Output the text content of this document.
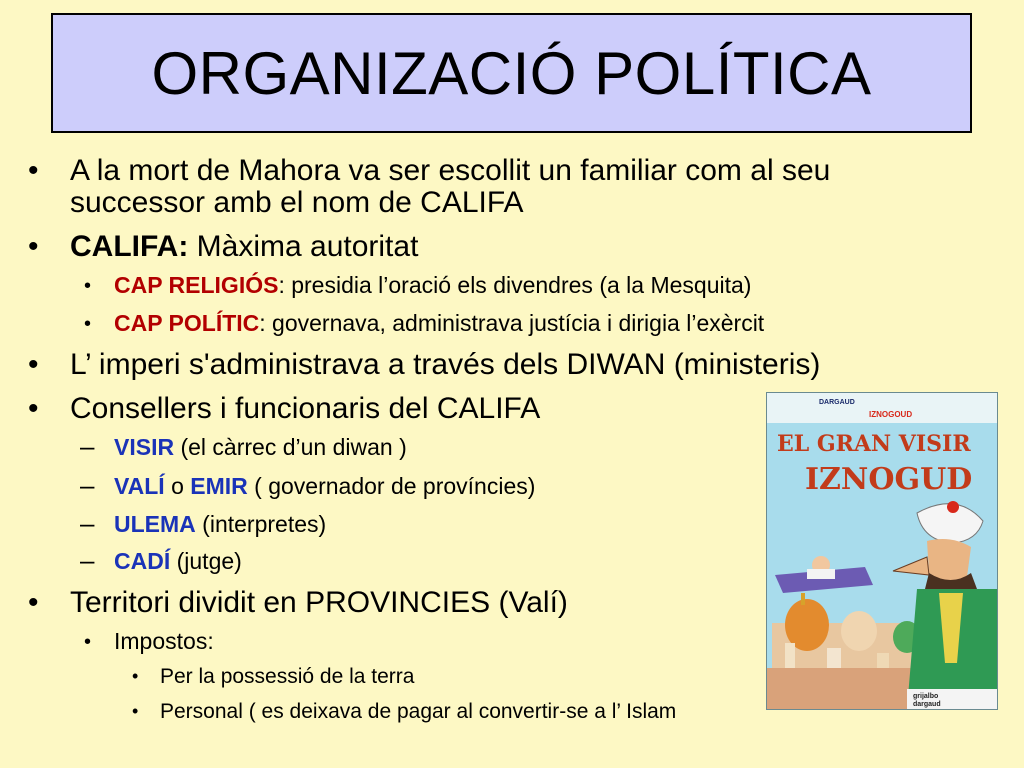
ORGANIZACIÓ POLÍTICA
• A la mort de Mahora va ser escollit un familiar com al seu
successor amb el nom de CALIFA
• CALIFA: Màxima autoritat
• CAP RELIGIÓS: presidia l’oració els divendres (a la Mesquita)
• CAP POLÍTIC: governava, administrava justícia i dirigia l’exèrcit
• L’ imperi s'administrava a través dels DIWAN (ministeris)
• Consellers i funcionaris del CALIFA
– VISIR (el càrrec d’un diwan )
– VALÍ o EMIR ( governador de províncies)
– ULEMA (interpretes)
– CADÍ (jutge)
• Territori dividit en PROVINCIES (Valí)
• Impostos:
• Per la possessió de la terra
• Personal ( es deixava de pagar al convertir-se a l’ Islam
DARGAUD
IZNOGOUD
EL GRAN VISIR
IZNOGUD
grijalbo
dargaud
